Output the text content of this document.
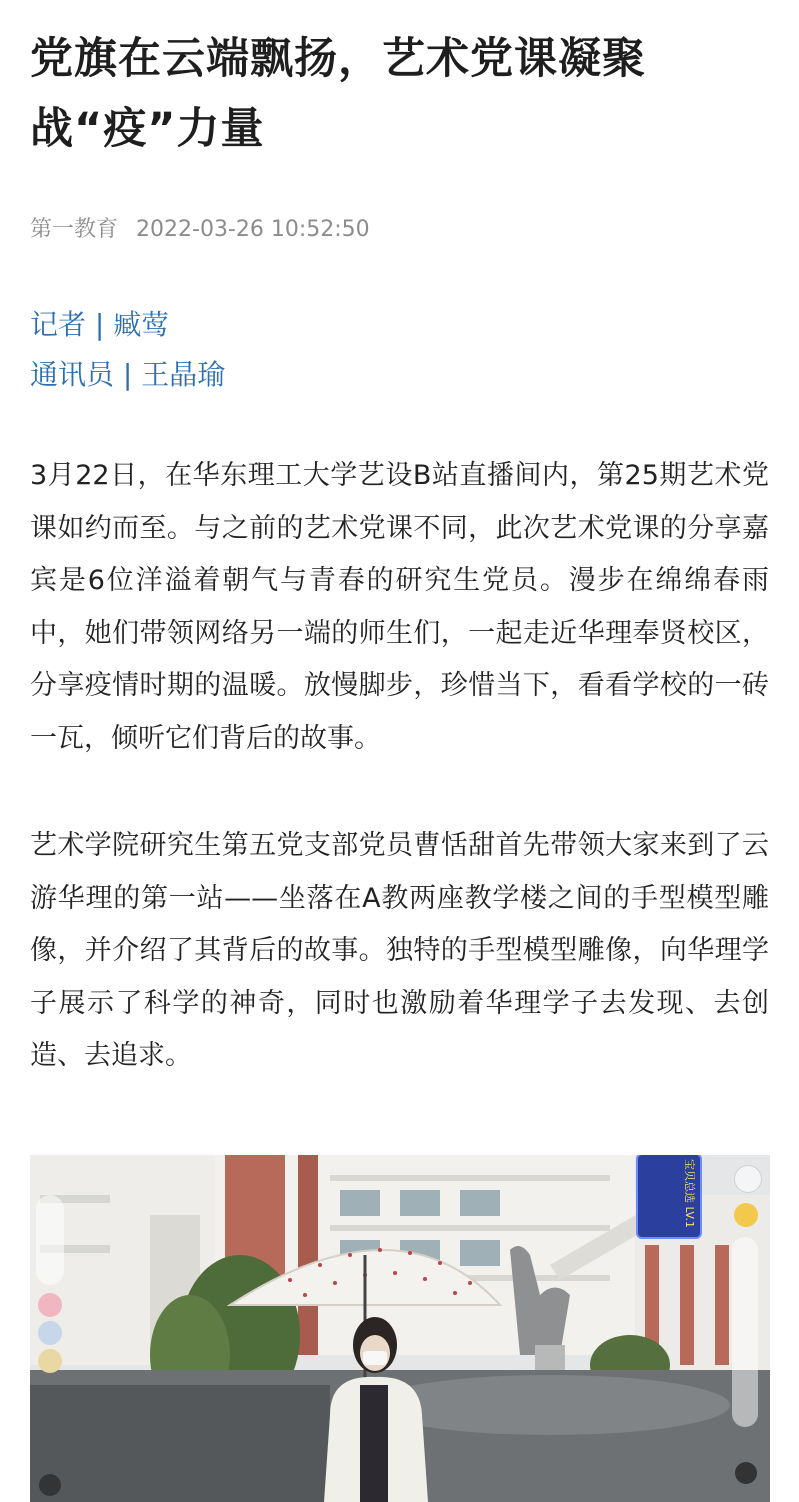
党旗在云端飘扬，艺术党课凝聚战“疫”力量
第一教育 2022-03-26 10:52:50
记者 | 臧莺
通讯员 | 王晶瑜

3月22日，在华东理工大学艺设B站直播间内，第25期艺术党课如约而至。与之前的艺术党课不同，此次艺术党课的分享嘉宾是6位洋溢着朝气与青春的研究生党员。漫步在绵绵春雨中，她们带领网络另一端的师生们，一起走近华理奉贤校区，分享疫情时期的温暖。放慢脚步，珍惜当下，看看学校的一砖一瓦，倾听它们背后的故事。

艺术学院研究生第五党支部党员曹恬甜首先带领大家来到了云游华理的第一站——坐落在A教两座教学楼之间的手型模型雕像，并介绍了其背后的故事。独特的手型模型雕像，向华理学子展示了科学的神奇，同时也激励着华理学子去发现、去创造、去追求。

宝贝总选 LV.1
